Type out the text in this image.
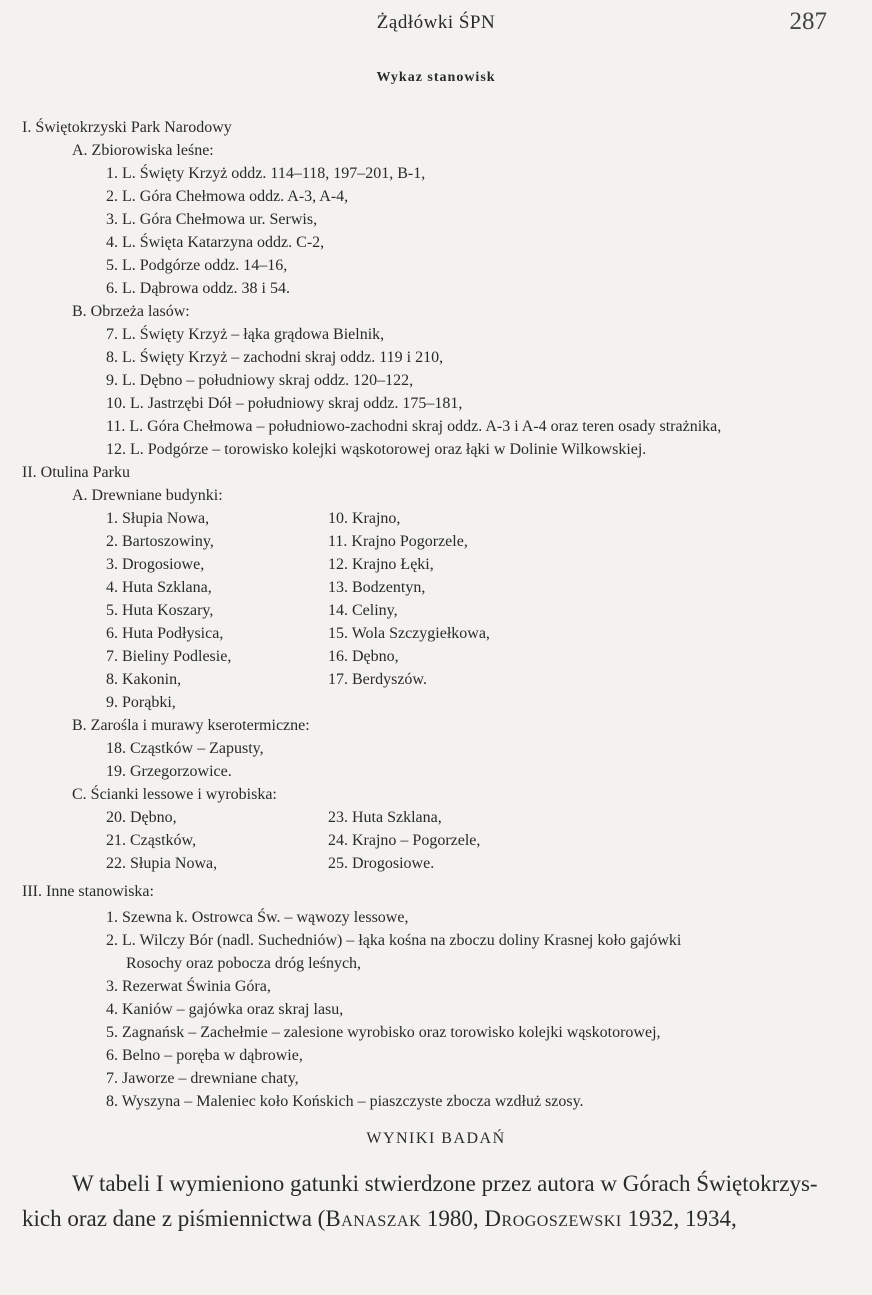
Żądłówki ŚPN	287
Wykaz stanowisk
I. Świętokrzyski Park Narodowy
A. Zbiorowiska leśne:
1. L. Święty Krzyż oddz. 114–118, 197–201, B-1,
2. L. Góra Chełmowa oddz. A-3, A-4,
3. L. Góra Chełmowa ur. Serwis,
4. L. Święta Katarzyna oddz. C-2,
5. L. Podgórze oddz. 14–16,
6. L. Dąbrowa oddz. 38 i 54.
B. Obrzeża lasów:
7. L. Święty Krzyż – łąka grądowa Bielnik,
8. L. Święty Krzyż – zachodni skraj oddz. 119 i 210,
9. L. Dębno – południowy skraj oddz. 120–122,
10. L. Jastrzębi Dół – południowy skraj oddz. 175–181,
11. L. Góra Chełmowa – południowo-zachodni skraj oddz. A-3 i A-4 oraz teren osady strażnika,
12. L. Podgórze – torowisko kolejki wąskotorowej oraz łąki w Dolinie Wilkowskiej.
II. Otulina Parku
A. Drewniane budynki:
1. Słupia Nowa,
2. Bartoszowiny,
3. Drogosiowe,
4. Huta Szklana,
5. Huta Koszary,
6. Huta Podłysica,
7. Bieliny Podlesie,
8. Kakonin,
9. Porąbki,
10. Krajno,
11. Krajno Pogorzele,
12. Krajno Łęki,
13. Bodzentyn,
14. Celiny,
15. Wola Szczygiełkowa,
16. Dębno,
17. Berdyszów.
B. Zarośla i murawy kserotermiczne:
18. Cząstków – Zapusty,
19. Grzegorzowice.
C. Ścianki lessowe i wyrobiska:
20. Dębno,
21. Cząstków,
22. Słupia Nowa,
23. Huta Szklana,
24. Krajno – Pogorzele,
25. Drogosiowe.
III. Inne stanowiska:
1. Szewna k. Ostrowca Św. – wąwozy lessowe,
2. L. Wilczy Bór (nadl. Suchedniów) – łąka kośna na zboczu doliny Krasnej koło gajówki
Rosochy oraz pobocza dróg leśnych,
3. Rezerwat Świnia Góra,
4. Kaniów – gajówka oraz skraj lasu,
5. Zagnańsk – Zachełmie – zalesione wyrobisko oraz torowisko kolejki wąskotorowej,
6. Belno – poręba w dąbrowie,
7. Jaworze – drewniane chaty,
8. Wyszyna – Maleniec koło Końskich – piaszczyste zbocza wzdłuż szosy.
WYNIKI BADAŃ
W tabeli I wymieniono gatunki stwierdzone przez autora w Górach Świętokrzys-
kich oraz dane z piśmiennictwa (Banaszak 1980, Drogoszewski 1932, 1934,
